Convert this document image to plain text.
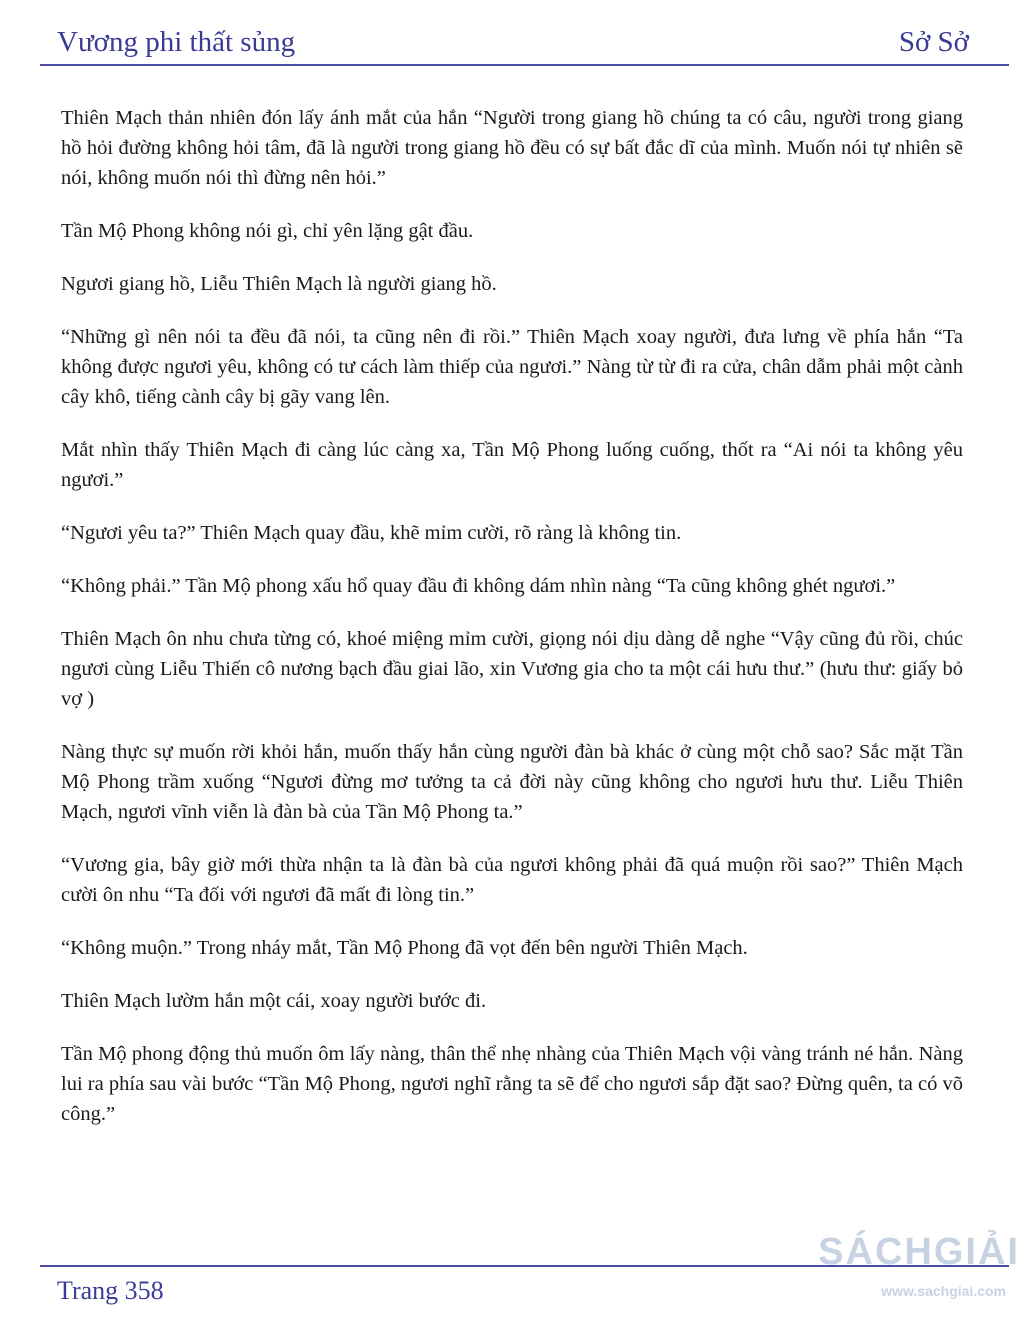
Vương phi thất sủng	Sở Sở

Thiên Mạch thản nhiên đón lấy ánh mắt của hắn “Người trong giang hồ chúng ta có câu, người trong giang hồ hỏi đường không hỏi tâm, đã là người trong giang hồ đều có sự bất đắc dĩ của mình. Muốn nói tự nhiên sẽ nói, không muốn nói thì đừng nên hỏi.”

Tần Mộ Phong không nói gì, chỉ yên lặng gật đầu.

Ngươi giang hồ, Liễu Thiên Mạch là người giang hồ.

“Những gì nên nói ta đều đã nói, ta cũng nên đi rồi.” Thiên Mạch xoay người, đưa lưng về phía hắn “Ta không được ngươi yêu, không có tư cách làm thiếp của ngươi.” Nàng từ từ đi ra cửa, chân dẫm phải một cành cây khô, tiếng cành cây bị gãy vang lên.

Mắt nhìn thấy Thiên Mạch đi càng lúc càng xa, Tần Mộ Phong luống cuống, thốt ra “Ai nói ta không yêu ngươi.”

“Ngươi yêu ta?” Thiên Mạch quay đầu, khẽ mỉm cười, rõ ràng là không tin.

“Không phải.” Tần Mộ phong xấu hổ quay đầu đi không dám nhìn nàng “Ta cũng không ghét ngươi.”

Thiên Mạch ôn nhu chưa từng có, khoé miệng mỉm cười, giọng nói dịu dàng dễ nghe “Vậy cũng đủ rồi, chúc ngươi cùng Liễu Thiến cô nương bạch đầu giai lão, xin Vương gia cho ta một cái hưu thư.” (hưu thư: giấy bỏ vợ )

Nàng thực sự muốn rời khỏi hắn, muốn thấy hắn cùng người đàn bà khác ở cùng một chỗ sao? Sắc mặt Tần Mộ Phong trầm xuống “Ngươi đừng mơ tưởng ta cả đời này cũng không cho ngươi hưu thư. Liễu Thiên Mạch, ngươi vĩnh viễn là đàn bà của Tần Mộ Phong ta.”

“Vương gia, bây giờ mới thừa nhận ta là đàn bà của ngươi không phải đã quá muộn rồi sao?” Thiên Mạch cười ôn nhu “Ta đối với ngươi đã mất đi lòng tin.”

“Không muộn.” Trong nháy mắt, Tần Mộ Phong đã vọt đến bên người Thiên Mạch.

Thiên Mạch lườm hắn một cái, xoay người bước đi.

Tần Mộ phong động thủ muốn ôm lấy nàng, thân thể nhẹ nhàng của Thiên Mạch vội vàng tránh né hắn. Nàng lui ra phía sau vài bước “Tần Mộ Phong, ngươi nghĩ rằng ta sẽ để cho ngươi sắp đặt sao? Đừng quên, ta có võ công.”

Trang 358
SÁCHGIẢI
www.sachgiai.com
